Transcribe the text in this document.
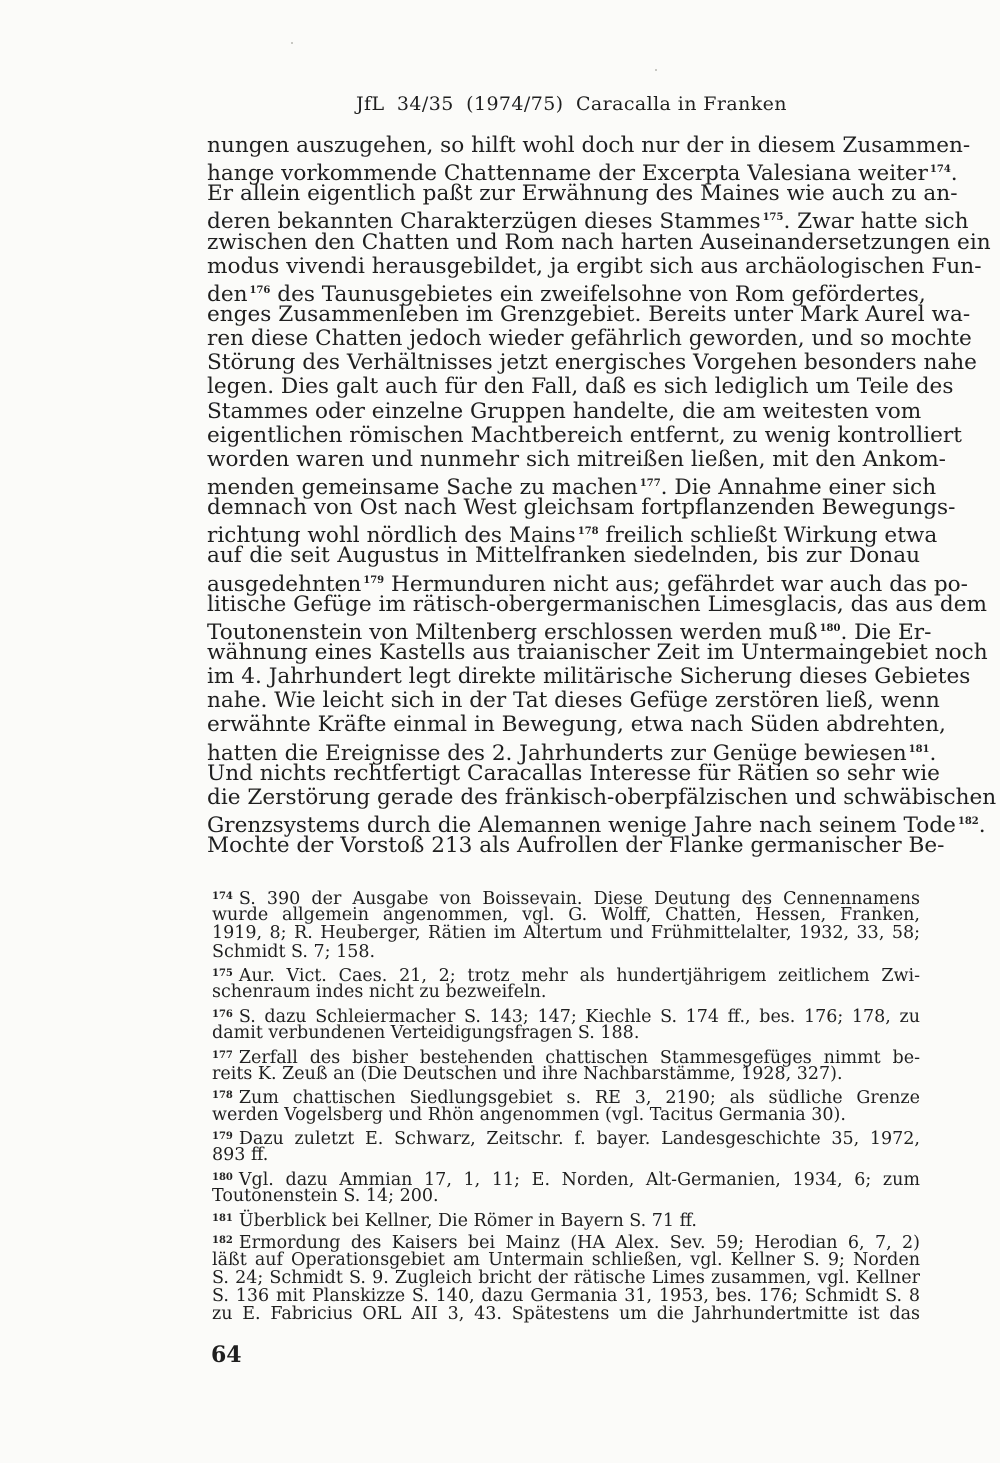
JfL 34/35 (1974/75) Caracalla in Franken
nungen auszugehen, so hilft wohl doch nur der in diesem Zusammen-
hange vorkommende Chattenname der Excerpta Valesiana weiter $^{174}$.
Er allein eigentlich paßt zur Erwähnung des Maines wie auch zu an-
deren bekannten Charakterzügen dieses Stammes $^{175}$. Zwar hatte sich
zwischen den Chatten und Rom nach harten Auseinandersetzungen ein
modus vivendi herausgebildet, ja ergibt sich aus archäologischen Fun-
den $^{176}$ des Taunusgebietes ein zweifelsohne von Rom gefördertes,
enges Zusammenleben im Grenzgebiet. Bereits unter Mark Aurel wa-
ren diese Chatten jedoch wieder gefährlich geworden, und so mochte
Störung des Verhältnisses jetzt energisches Vorgehen besonders nahe
legen. Dies galt auch für den Fall, daß es sich lediglich um Teile des
Stammes oder einzelne Gruppen handelte, die am weitesten vom
eigentlichen römischen Machtbereich entfernt, zu wenig kontrolliert
worden waren und nunmehr sich mitreißen ließen, mit den Ankom-
menden gemeinsame Sache zu machen $^{177}$. Die Annahme einer sich
demnach von Ost nach West gleichsam fortpflanzenden Bewegungs-
richtung wohl nördlich des Mains $^{178}$ freilich schließt Wirkung etwa
auf die seit Augustus in Mittelfranken siedelnden, bis zur Donau
ausgedehnten $^{179}$ Hermunduren nicht aus; gefährdet war auch das po-
litische Gefüge im rätisch-obergermanischen Limesglacis, das aus dem
Toutonenstein von Miltenberg erschlossen werden muß $^{180}$. Die Er-
wähnung eines Kastells aus traianischer Zeit im Untermaingebiet noch
im 4. Jahrhundert legt direkte militärische Sicherung dieses Gebietes
nahe. Wie leicht sich in der Tat dieses Gefüge zerstören ließ, wenn
erwähnte Kräfte einmal in Bewegung, etwa nach Süden abdrehten,
hatten die Ereignisse des 2. Jahrhunderts zur Genüge bewiesen $^{181}$.
Und nichts rechtfertigt Caracallas Interesse für Rätien so sehr wie
die Zerstörung gerade des fränkisch-oberpfälzischen und schwäbischen
Grenzsystems durch die Alemannen wenige Jahre nach seinem Tode $^{182}$.
Mochte der Vorstoß 213 als Aufrollen der Flanke germanischer Be-
$^{174}$ S. 390 der Ausgabe von Boissevain. Diese Deutung des Cennennamens
wurde allgemein angenommen, vgl. G. Wolff, Chatten, Hessen, Franken,
1919, 8; R. Heuberger, Rätien im Altertum und Frühmittelalter, 1932, 33, 58;
Schmidt S. 7; 158.
$^{175}$ Aur. Vict. Caes. 21, 2; trotz mehr als hundertjährigem zeitlichem Zwi-
schenraum indes nicht zu bezweifeln.
$^{176}$ S. dazu Schleiermacher S. 143; 147; Kiechle S. 174 ff., bes. 176; 178, zu
damit verbundenen Verteidigungsfragen S. 188.
$^{177}$ Zerfall des bisher bestehenden chattischen Stammesgefüges nimmt be-
reits K. Zeuß an (Die Deutschen und ihre Nachbarstämme, 1928, 327).
$^{178}$ Zum chattischen Siedlungsgebiet s. RE 3, 2190; als südliche Grenze
werden Vogelsberg und Rhön angenommen (vgl. Tacitus Germania 30).
$^{179}$ Dazu zuletzt E. Schwarz, Zeitschr. f. bayer. Landesgeschichte 35, 1972,
893 ff.
$^{180}$ Vgl. dazu Ammian 17, 1, 11; E. Norden, Alt-Germanien, 1934, 6; zum
Toutonenstein S. 14; 200.
$^{181}$ Überblick bei Kellner, Die Römer in Bayern S. 71 ff.
$^{182}$ Ermordung des Kaisers bei Mainz (HA Alex. Sev. 59; Herodian 6, 7, 2)
läßt auf Operationsgebiet am Untermain schließen, vgl. Kellner S. 9; Norden
S. 24; Schmidt S. 9. Zugleich bricht der rätische Limes zusammen, vgl. Kellner
S. 136 mit Planskizze S. 140, dazu Germania 31, 1953, bes. 176; Schmidt S. 8
zu E. Fabricius ORL AII 3, 43. Spätestens um die Jahrhundertmitte ist das
64
